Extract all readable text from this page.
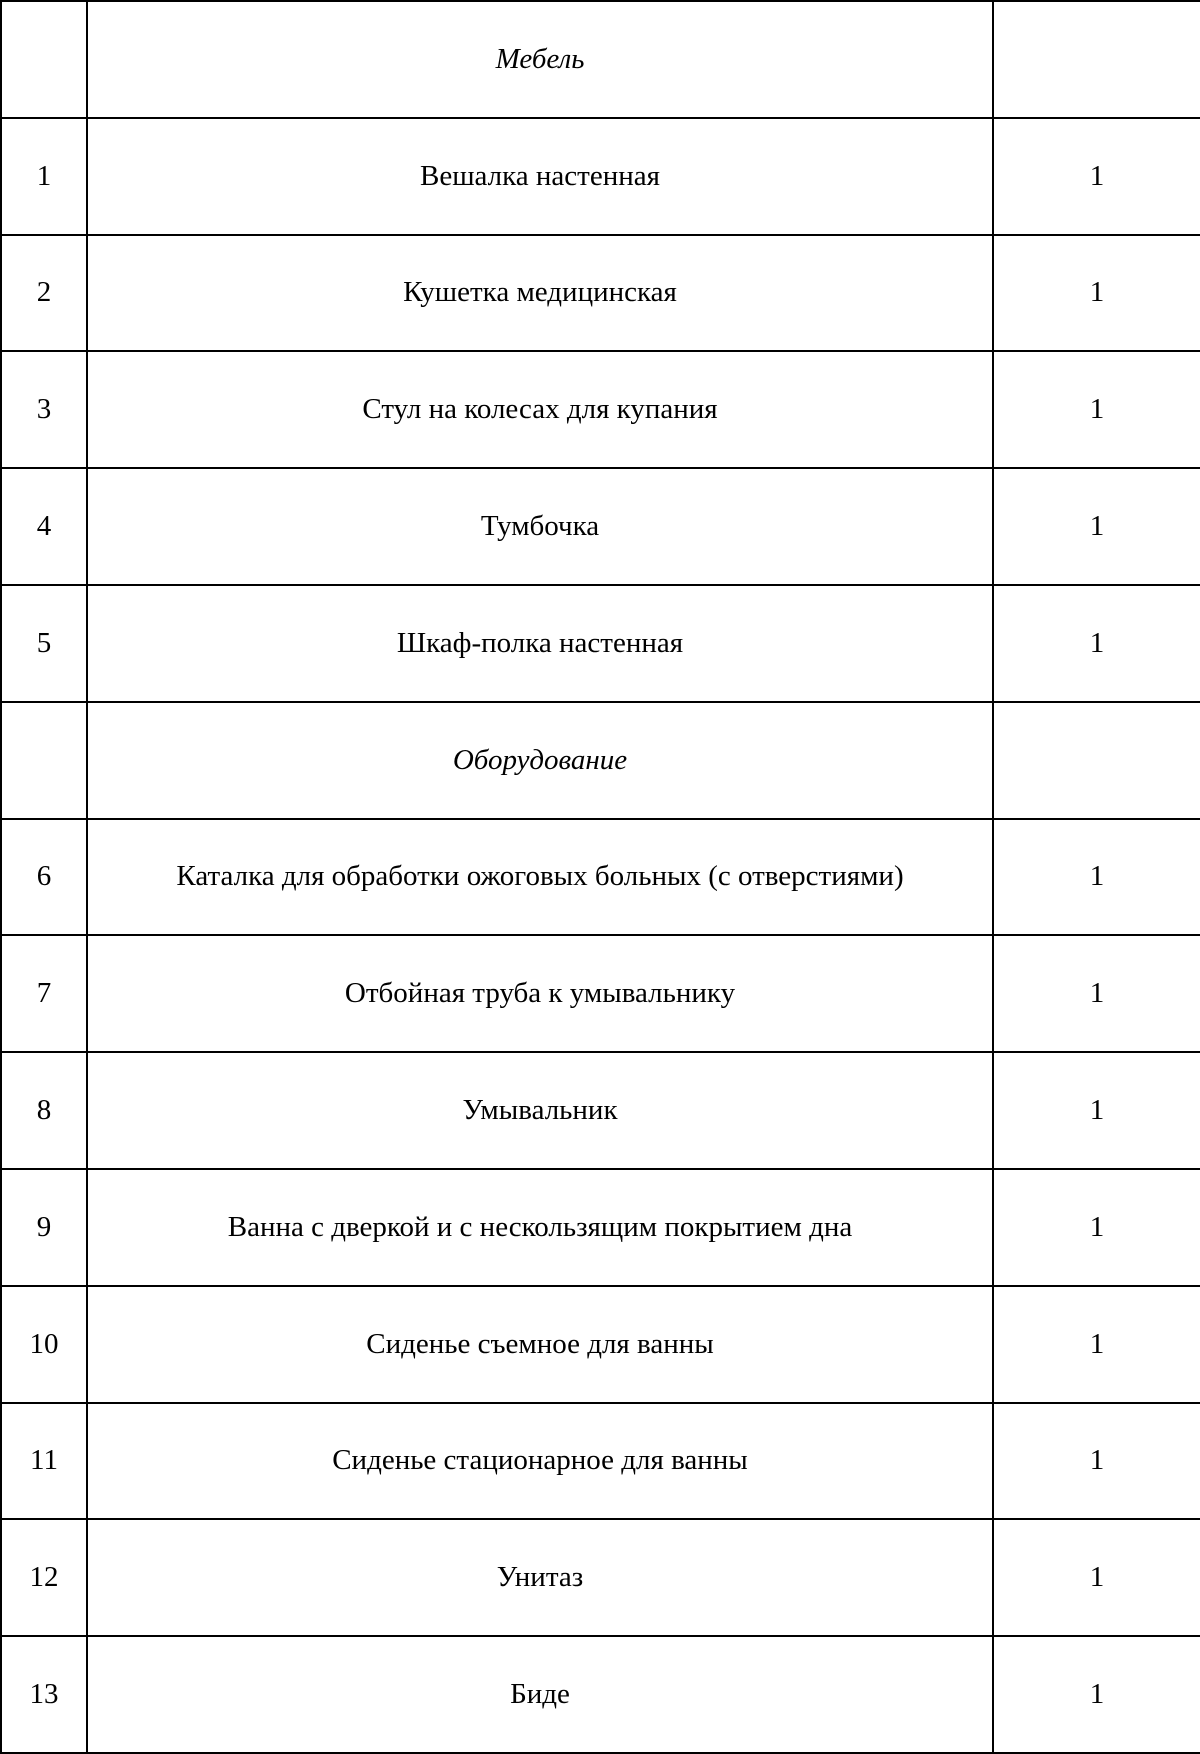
	Мебель	
1	Вешалка настенная	1
2	Кушетка медицинская	1
3	Стул на колесах для купания	1
4	Тумбочка	1
5	Шкаф-полка настенная	1
	Оборудование	
6	Каталка для обработки ожоговых больных (с отверстиями)	1
7	Отбойная труба к умывальнику	1
8	Умывальник	1
9	Ванна с дверкой и с нескользящим покрытием дна	1
10	Сиденье съемное для ванны	1
11	Сиденье стационарное для ванны	1
12	Унитаз	1
13	Биде	1
